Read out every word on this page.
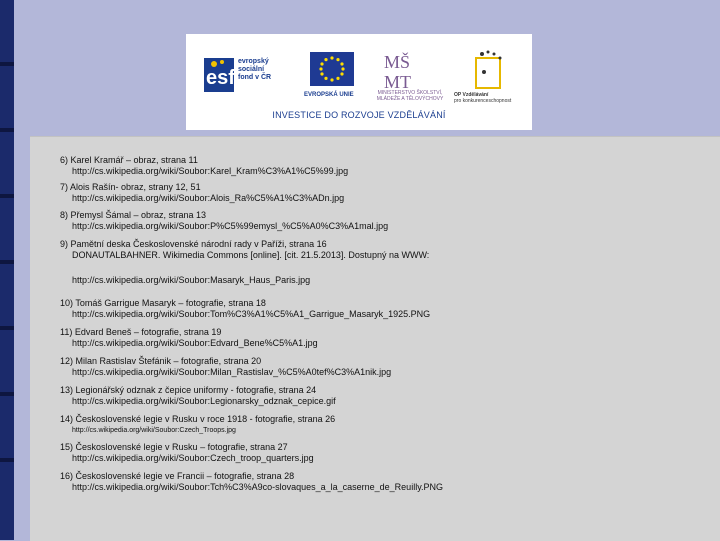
esf
evropský
sociální
fond v ČR
EVROPSKÁ UNIE
MŠ
MT
MINISTERSTVO ŠKOLSTVÍ,
MLÁDEŽE A TĚLOVÝCHOVY
OP Vzdělávání
pro konkurenceschopnost
INVESTICE DO ROZVOJE VZDĚLÁVÁNÍ
6) Karel Kramář – obraz, strana 11
http://cs.wikipedia.org/wiki/Soubor:Karel_Kram%C3%A1%C5%99.jpg
7) Alois Rašín- obraz, strany 12, 51
http://cs.wikipedia.org/wiki/Soubor:Alois_Ra%C5%A1%C3%ADn.jpg
8) Přemysl Šámal – obraz, strana 13
http://cs.wikipedia.org/wiki/Soubor:P%C5%99emysl_%C5%A0%C3%A1mal.jpg
9) Pamětní deska Československé národní rady v Paříži, strana 16
DONAUTALBAHNER. Wikimedia Commons [online]. [cit. 21.5.2013]. Dostupný na WWW:
http://cs.wikipedia.org/wiki/Soubor:Masaryk_Haus_Paris.jpg
10) Tomáš Garrigue Masaryk – fotografie, strana 18
http://cs.wikipedia.org/wiki/Soubor:Tom%C3%A1%C5%A1_Garrigue_Masaryk_1925.PNG
11) Edvard Beneš – fotografie, strana 19
http://cs.wikipedia.org/wiki/Soubor:Edvard_Bene%C5%A1.jpg
12) Milan Rastislav Štefánik – fotografie, strana 20
http://cs.wikipedia.org/wiki/Soubor:Milan_Rastislav_%C5%A0tef%C3%A1nik.jpg
13) Legionářský odznak z čepice uniformy - fotografie, strana 24
http://cs.wikipedia.org/wiki/Soubor:Legionarsky_odznak_cepice.gif
14) Československé legie v Rusku v roce 1918 - fotografie, strana 26
http://cs.wikipedia.org/wiki/Soubor:Czech_Troops.jpg
15) Československé legie v Rusku – fotografie, strana 27
http://cs.wikipedia.org/wiki/Soubor:Czech_troop_quarters.jpg
16) Československé legie ve Francii – fotografie, strana 28
http://cs.wikipedia.org/wiki/Soubor:Tch%C3%A9co-slovaques_a_la_caserne_de_Reuilly.PNG
